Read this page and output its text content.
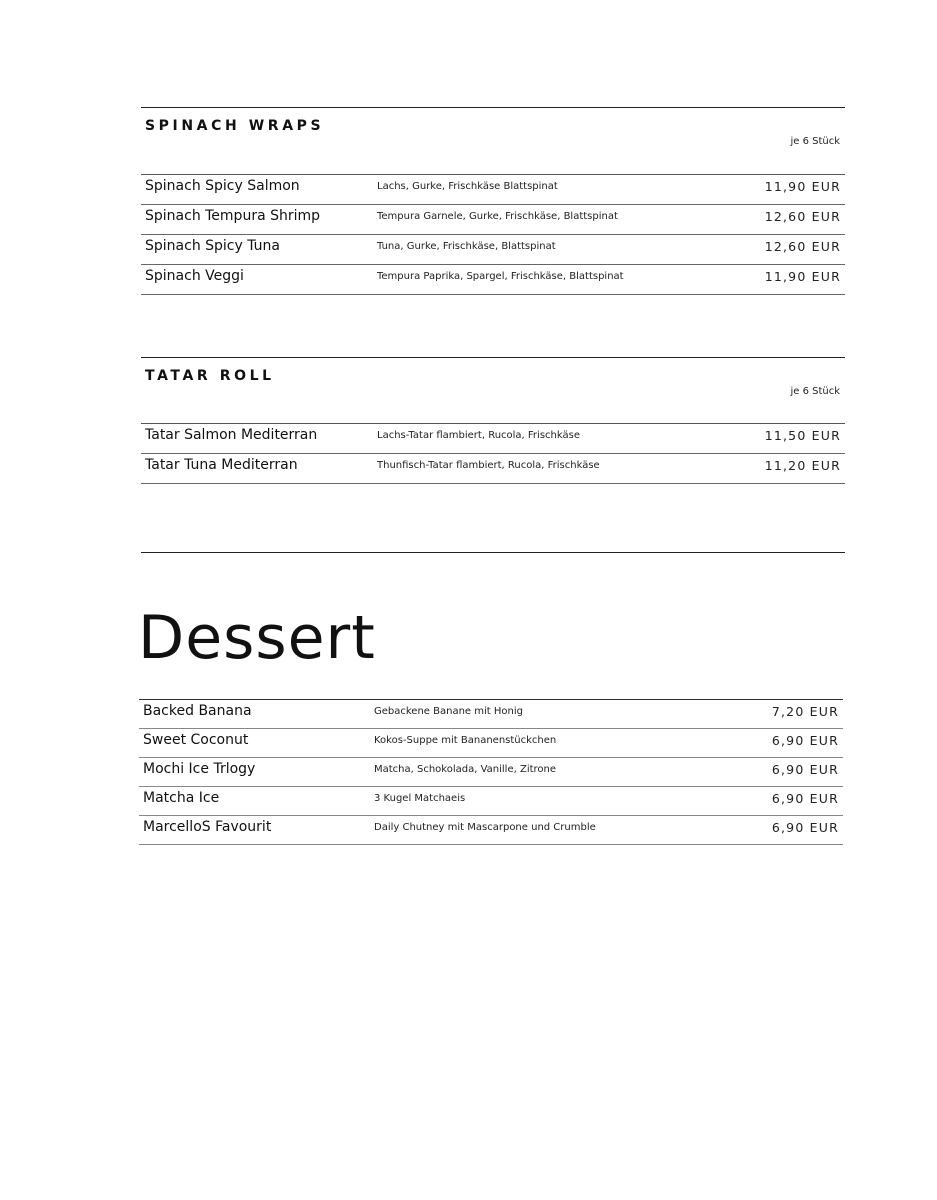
SPINACH WRAPS
je 6 Stück
Spinach Spicy Salmon	Lachs, Gurke, Frischkäse Blattspinat	11,90 EUR
Spinach Tempura Shrimp	Tempura Garnele, Gurke, Frischkäse, Blattspinat	12,60 EUR
Spinach Spicy Tuna	Tuna, Gurke, Frischkäse, Blattspinat	12,60 EUR
Spinach Veggi	Tempura Paprika, Spargel, Frischkäse, Blattspinat	11,90 EUR
TATAR ROLL
je 6 Stück
Tatar Salmon Mediterran	Lachs-Tatar flambiert, Rucola, Frischkäse	11,50 EUR
Tatar Tuna Mediterran	Thunfisch-Tatar flambiert, Rucola, Frischkäse	11,20 EUR
Dessert
Backed Banana	Gebackene Banane mit Honig	7,20 EUR
Sweet Coconut	Kokos-Suppe mit Bananenstückchen	6,90 EUR
Mochi Ice Trlogy	Matcha, Schokolada, Vanille, Zitrone	6,90 EUR
Matcha Ice	3 Kugel Matchaeis	6,90 EUR
MarcelloS Favourit	Daily Chutney mit Mascarpone und Crumble	6,90 EUR
